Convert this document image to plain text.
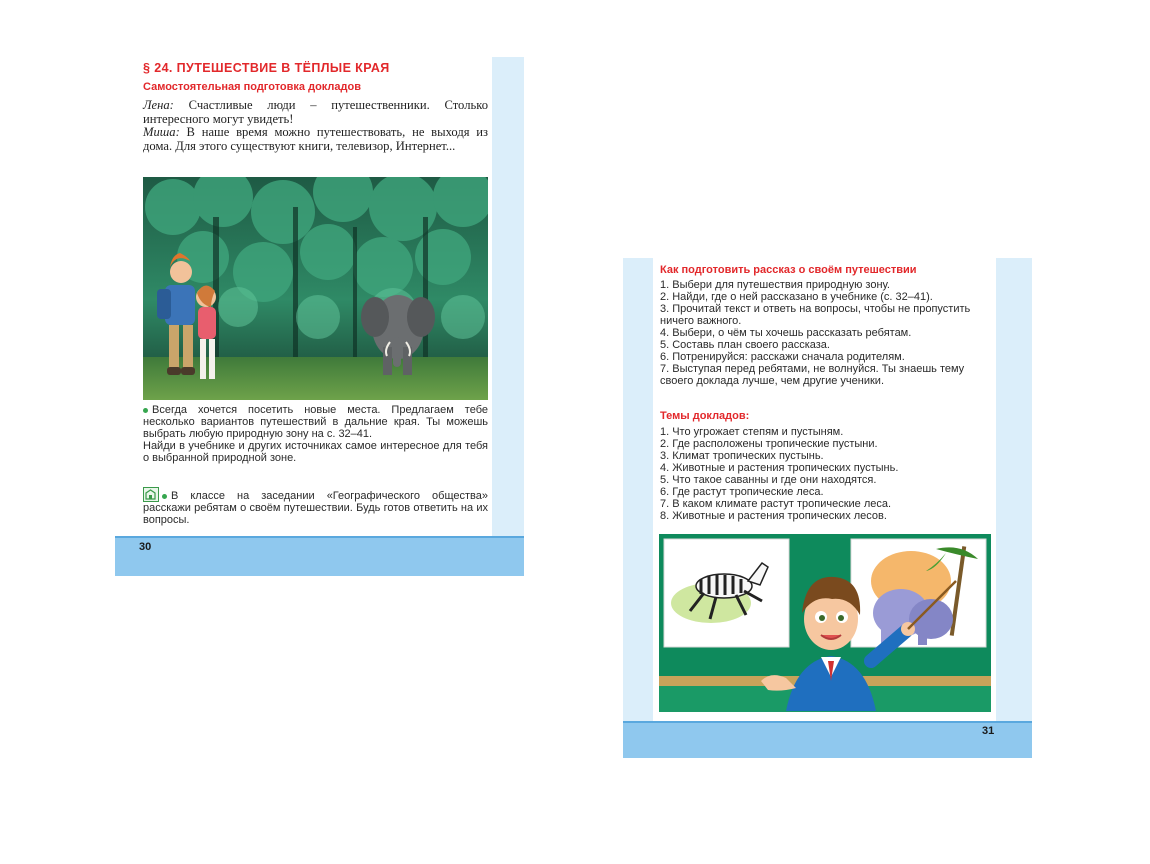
§ 24. ПУТЕШЕСТВИЕ В ТЁПЛЫЕ КРАЯ
Самостоятельная подготовка докладов

Лена: Счастливые люди – путешественники. Столько интересного могут увидеть!

Миша: В наше время можно путешествовать, не выходя из дома. Для этого существуют книги, телевизор, Интернет...

Всегда хочется посетить новые места. Предлагаем тебе несколько вариантов путешествий в дальние края. Ты можешь выбрать любую природную зону на с. 32–41.

Найди в учебнике и других источниках самое интересное для тебя о выбранной природной зоне.

В классе на заседании «Географического общества» расскажи ребятам о своём путешествии. Будь готов ответить на их вопросы.

30
Как подготовить рассказ о своём путешествии
1. Выбери для путешествия природную зону.
2. Найди, где о ней рассказано в учебнике (с. 32–41).
3. Прочитай текст и ответь на вопросы, чтобы не пропустить ничего важного.
4. Выбери, о чём ты хочешь рассказать ребятам.
5. Составь план своего рассказа.
6. Потренируйся: расскажи сначала родителям.
7. Выступая перед ребятами, не волнуйся. Ты знаешь тему своего доклада лучше, чем другие ученики.
Темы докладов:
1. Что угрожает степям и пустыням.
2. Где расположены тропические пустыни.
3. Климат тропических пустынь.
4. Животные и растения тропических пустынь.
5. Что такое саванны и где они находятся.
6. Где растут тропические леса.
7. В каком климате растут тропические леса.
8. Животные и растения тропических лесов.
31
